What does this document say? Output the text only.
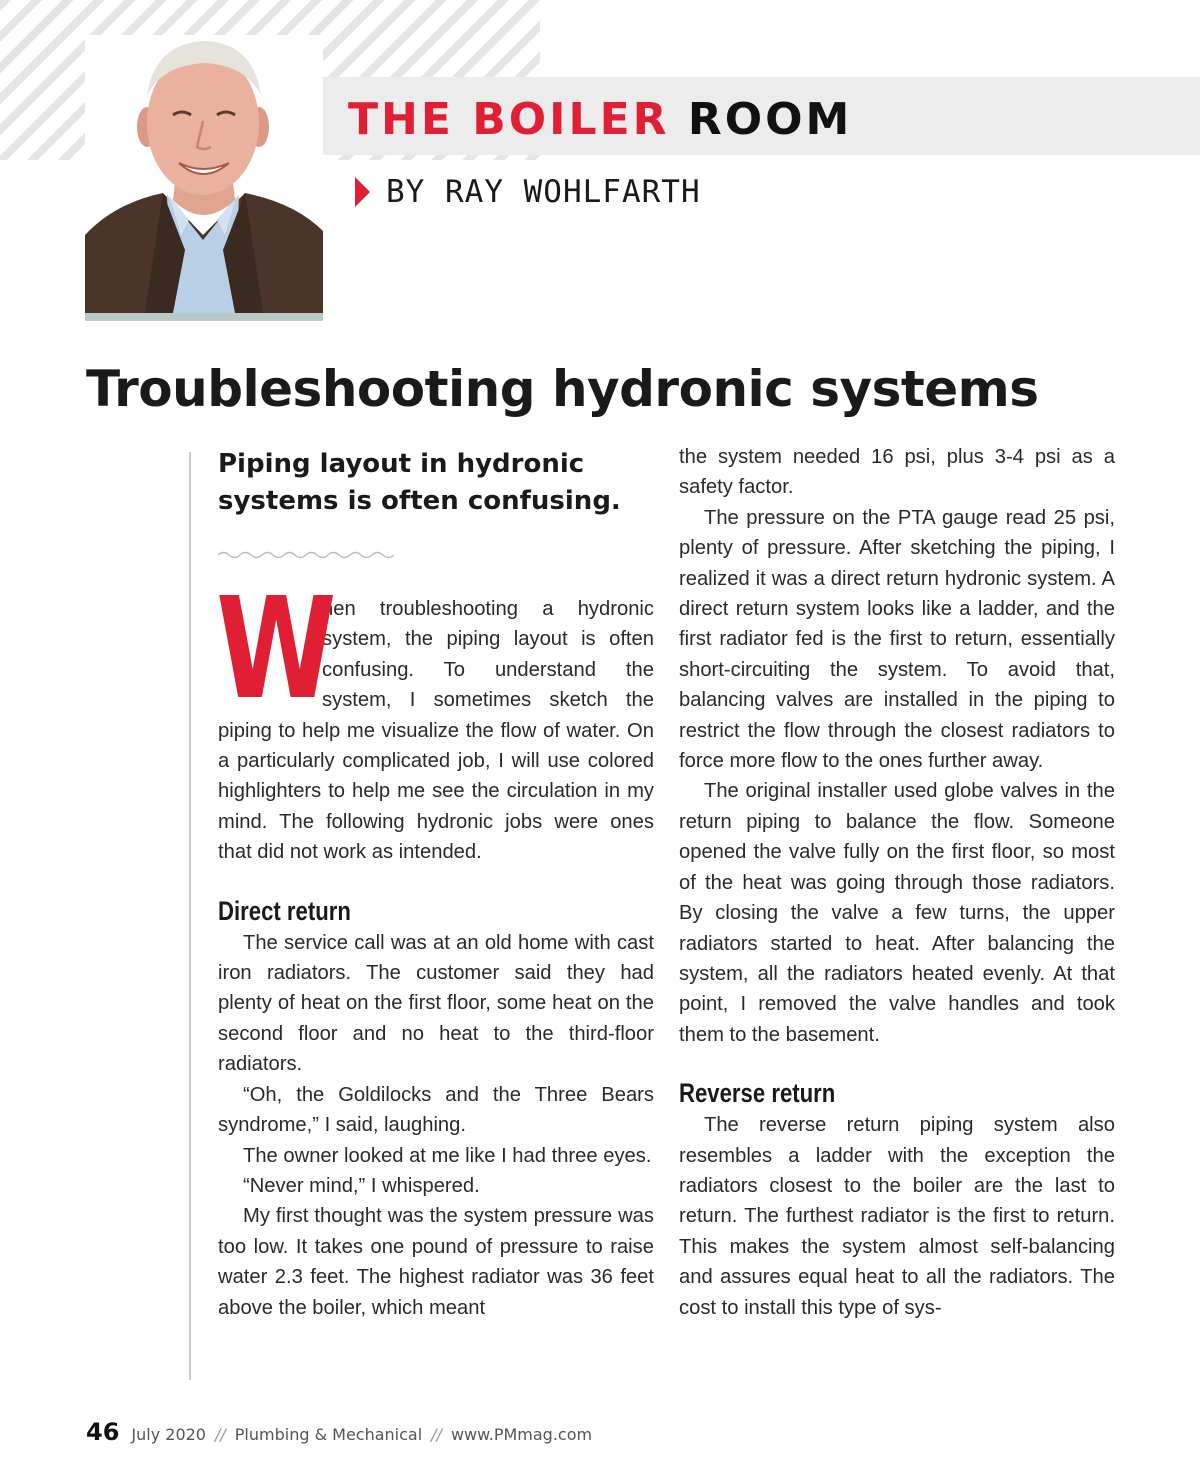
THE BOILER ROOM
BY RAY WOHLFARTH
Troubleshooting hydronic systems
Piping layout in hydronic systems is often confusing.

W
hen troubleshooting a hydronic system, the piping layout is often confusing. To understand the system, I sometimes sketch the piping to help me visualize the flow of water. On a particularly complicated job, I will use colored highlighters to help me see the circulation in my mind. The following hydronic jobs were ones that did not work as intended.

Direct return

The service call was at an old home with cast iron radiators. The customer said they had plenty of heat on the first floor, some heat on the second floor and no heat to the third-floor radiators.

“Oh, the Goldilocks and the Three Bears syndrome,” I said, laughing.

The owner looked at me like I had three eyes.

“Never mind,” I whispered.

My first thought was the system pressure was too low. It takes one pound of pressure to raise water 2.3 feet. The highest radiator was 36 feet above the boiler, which meant

the system needed 16 psi, plus 3-4 psi as a safety factor.

The pressure on the PTA gauge read 25 psi, plenty of pressure. After sketching the piping, I realized it was a direct return hydronic system. A direct return system looks like a ladder, and the first radiator fed is the first to return, essentially short-circuiting the system. To avoid that, balancing valves are installed in the piping to restrict the flow through the closest radiators to force more flow to the ones further away.

The original installer used globe valves in the return piping to balance the flow. Someone opened the valve fully on the first floor, so most of the heat was going through those radiators. By closing the valve a few turns, the upper radiators started to heat. After balancing the system, all the radiators heated evenly. At that point, I removed the valve handles and took them to the basement.

Reverse return

The reverse return piping system also resembles a ladder with the exception the radiators closest to the boiler are the last to return. The furthest radiator is the first to return. This makes the system almost self-balancing and assures equal heat to all the radiators. The cost to install this type of sys-

46 July 2020 // Plumbing & Mechanical // www.PMmag.com
